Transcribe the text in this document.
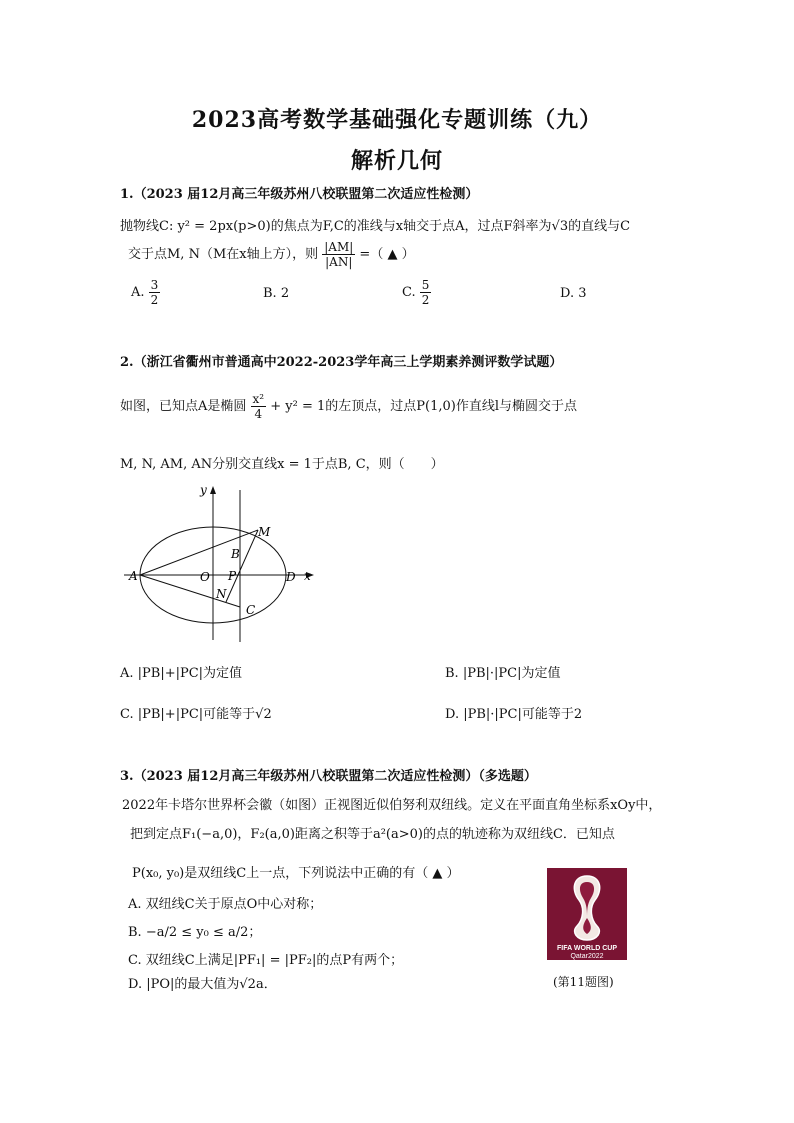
2023高考数学基础强化专题训练（九）
解析几何
1.（2023 届12月高三年级苏州八校联盟第二次适应性检测）
抛物线C: y² = 2px(p>0)的焦点为F,C的准线与x轴交于点A，过点F斜率为√3的直线与C
交于点M, N（M在x轴上方），则 $\frac{|AM|}{|AN|}$ =（ ▲ ）
A. $\frac{3}{2}$	B. 2	C. $\frac{5}{2}$	D. 3
2.（浙江省衢州市普通高中2022-2023学年高三上学期素养测评数学试题）
如图，已知点A是椭圆 $\frac{\text{x²}}{4} + y^2 = 1$的左顶点，过点P(1,0)作直线l与椭圆交于点
M, N, AM, AN分别交直线x = 1于点B, C，则（　　）
y
x
A	O P	D
M
B
N
C
A. |PB|+|PC|为定值	B. |PB|·|PC|为定值
C. |PB|+|PC|可能等于√2	D. |PB|·|PC|可能等于2
3.（2023 届12月高三年级苏州八校联盟第二次适应性检测）（多选题）
2022年卡塔尔世界杯会徽（如图）正视图近似伯努利双纽线。定义在平面直角坐标系xOy中，
把到定点F₁(−a,0)，F₂(a,0)距离之积等于a²(a>0)的点的轨迹称为双纽线C．已知点
P(x₀, y₀)是双纽线C上一点，下列说法中正确的有（ ▲ ）
A. 双纽线C关于原点O中心对称；
B. −a/2 ≤ y₀ ≤ a/2；
C. 双纽线C上满足|PF₁| = |PF₂|的点P有两个；
D. |PO|的最大值为√2a．
FIFA WORLD CUP
Qatar2022
(第11题图)
